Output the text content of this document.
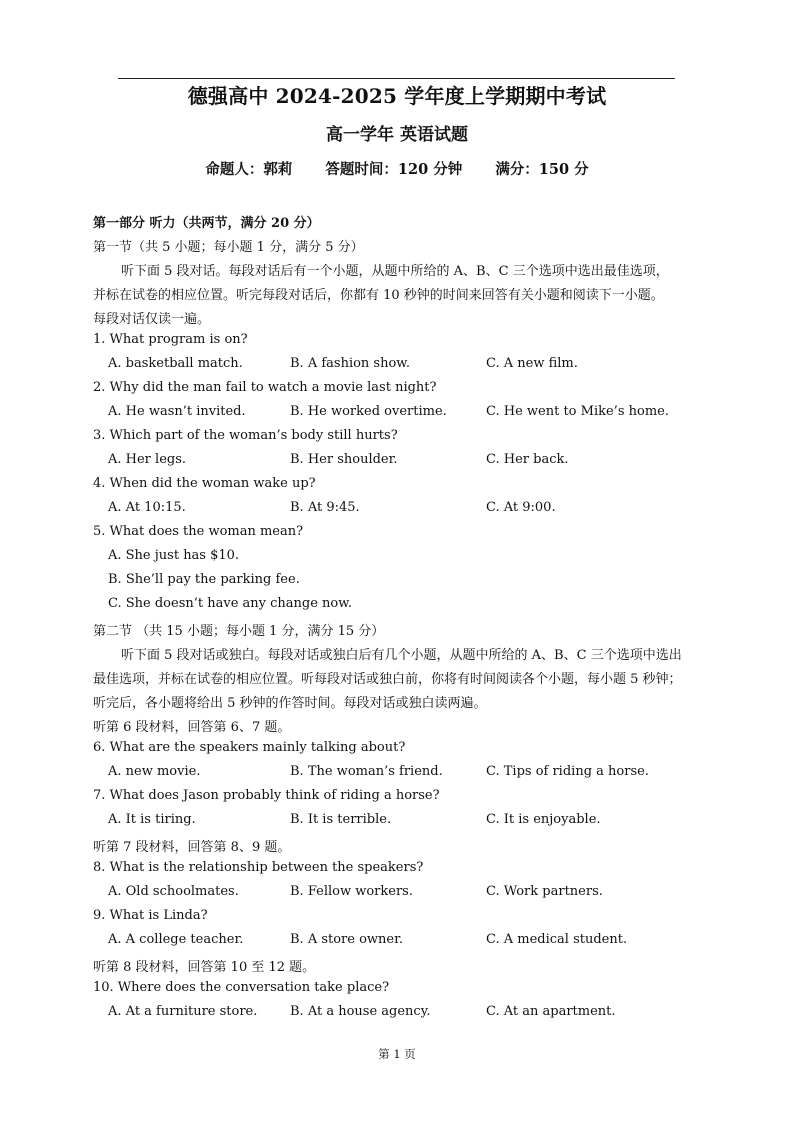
德强高中 2024-2025 学年度上学期期中考试
高一学年 英语试题
命题人：郭莉 答题时间：120 分钟 满分：150 分
第一部分 听力（共两节，满分 20 分）
第一节（共 5 小题；每小题 1 分，满分 5 分）
听下面 5 段对话。每段对话后有一个小题，从题中所给的 A、B、C 三个选项中选出最佳选项，
并标在试卷的相应位置。听完每段对话后，你都有 10 秒钟的时间来回答有关小题和阅读下一小题。
每段对话仅读一遍。
1. What program is on?
A. basketball match.	B. A fashion show.	C. A new film.
2. Why did the man fail to watch a movie last night?
A. He wasn’t invited.	B. He worked overtime.	C. He went to Mike’s home.
3. Which part of the woman’s body still hurts?
A. Her legs.	B. Her shoulder.	C. Her back.
4. When did the woman wake up?
A. At 10:15.	B. At 9:45.	C. At 9:00.
5. What does the woman mean?
A. She just has $10.
B. She’ll pay the parking fee.
C. She doesn’t have any change now.
第二节 （共 15 小题；每小题 1 分，满分 15 分）
听下面 5 段对话或独白。每段对话或独白后有几个小题，从题中所给的 A、B、C 三个选项中选出
最佳选项，并标在试卷的相应位置。听每段对话或独白前，你将有时间阅读各个小题，每小题 5 秒钟；
听完后，各小题将给出 5 秒钟的作答时间。每段对话或独白读两遍。
听第 6 段材料，回答第 6、7 题。
6. What are the speakers mainly talking about?
A. new movie.	B. The woman’s friend.	C. Tips of riding a horse.
7. What does Jason probably think of riding a horse?
A. It is tiring.	B. It is terrible.	C. It is enjoyable.
听第 7 段材料，回答第 8、9 题。
8. What is the relationship between the speakers?
A. Old schoolmates.	B. Fellow workers.	C. Work partners.
9. What is Linda?
A. A college teacher.	B. A store owner.	C. A medical student.
听第 8 段材料，回答第 10 至 12 题。
10. Where does the conversation take place?
A. At a furniture store.	B. At a house agency.	C. At an apartment.
第 1 页
